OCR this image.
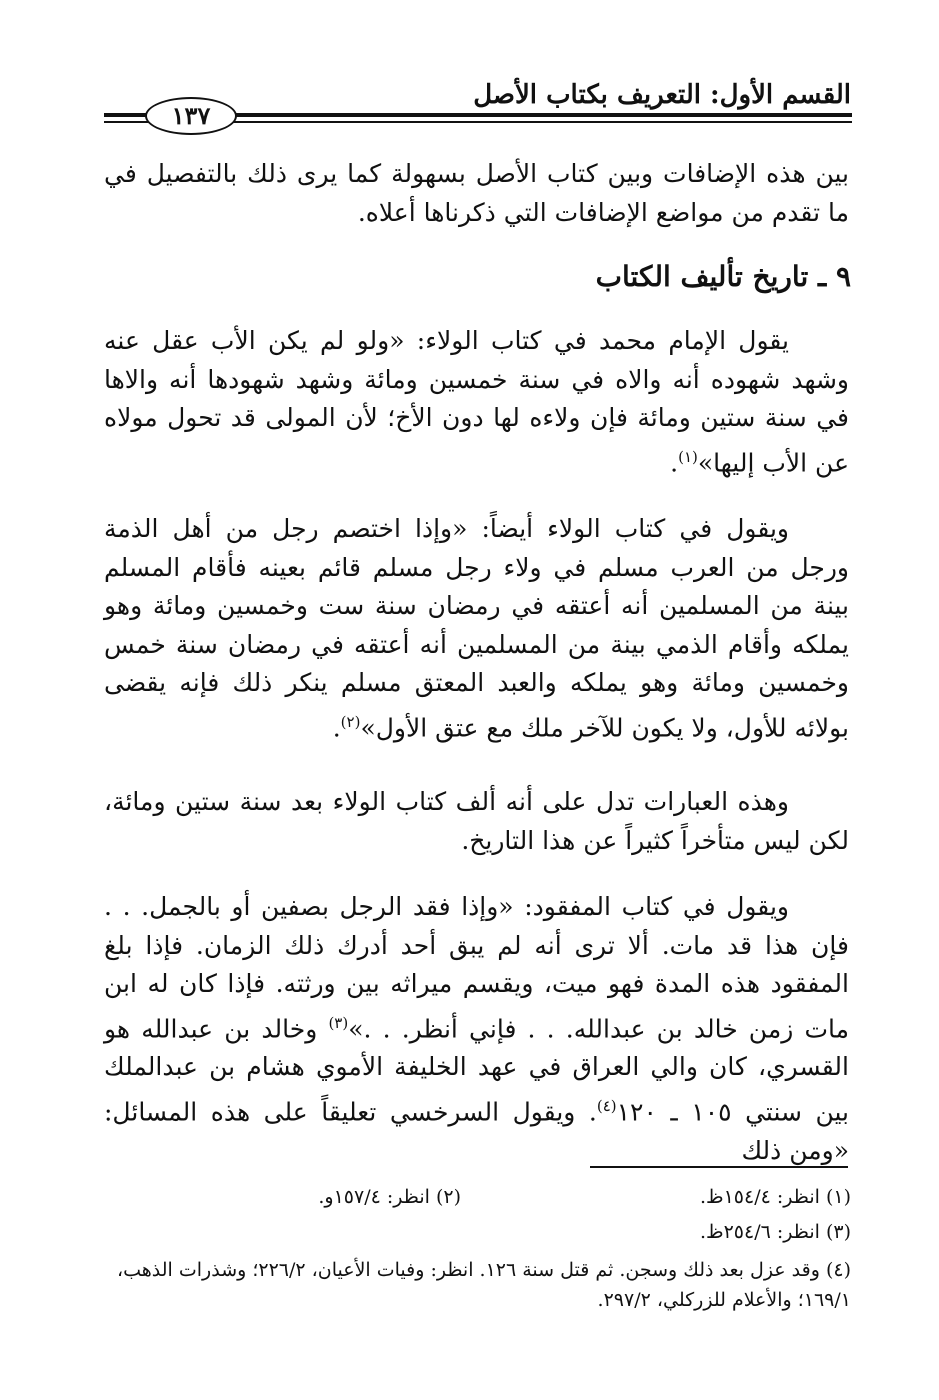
القسم الأول: التعريف بكتاب الأصل
١٣٧

بين هذه الإضافات وبين كتاب الأصل بسهولة كما يرى ذلك بالتفصيل في ما تقدم من مواضع الإضافات التي ذكرناها أعلاه.

٩ ـ تاريخ تأليف الكتاب

يقول الإمام محمد في كتاب الولاء: «ولو لم يكن الأب عقل عنه وشهد شهوده أنه والاه في سنة خمسين ومائة وشهد شهودها أنه والاها في سنة ستين ومائة فإن ولاءه لها دون الأخ؛ لأن المولى قد تحول مولاه عن الأب إليها»$^{(١)}$.

ويقول في كتاب الولاء أيضاً: «وإذا اختصم رجل من أهل الذمة ورجل من العرب مسلم في ولاء رجل مسلم قائم بعينه فأقام المسلم بينة من المسلمين أنه أعتقه في رمضان سنة ست وخمسين ومائة وهو يملكه وأقام الذمي بينة من المسلمين أنه أعتقه في رمضان سنة خمس وخمسين ومائة وهو يملكه والعبد المعتق مسلم ينكر ذلك فإنه يقضى بولائه للأول، ولا يكون للآخر ملك مع عتق الأول»$^{(٢)}$.

وهذه العبارات تدل على أنه ألف كتاب الولاء بعد سنة ستين ومائة، لكن ليس متأخراً كثيراً عن هذا التاريخ.

ويقول في كتاب المفقود: «وإذا فقد الرجل بصفين أو بالجمل. . . فإن هذا قد مات. ألا ترى أنه لم يبق أحد أدرك ذلك الزمان. فإذا بلغ المفقود هذه المدة فهو ميت، ويقسم ميراثه بين ورثته. فإذا كان له ابن مات زمن خالد بن عبدالله. . . فإني أنظر. . .»$^{(٣)}$ وخالد بن عبدالله هو القسري، كان والي العراق في عهد الخليفة الأموي هشام بن عبدالملك بين سنتي ١٠٥ ـ ١٢٠$^{(٤)}$. ويقول السرخسي تعليقاً على هذه المسائل: «ومن ذلك

(١) انظر: ١٥٤/٤ظ.
(٢) انظر: ١٥٧/٤و.
(٣) انظر: ٢٥٤/٦ظ.
(٤) وقد عزل بعد ذلك وسجن. ثم قتل سنة ١٢٦. انظر: وفيات الأعيان، ٢٢٦/٢؛ وشذرات الذهب، ١٦٩/١؛ والأعلام للزركلي، ٢٩٧/٢.
